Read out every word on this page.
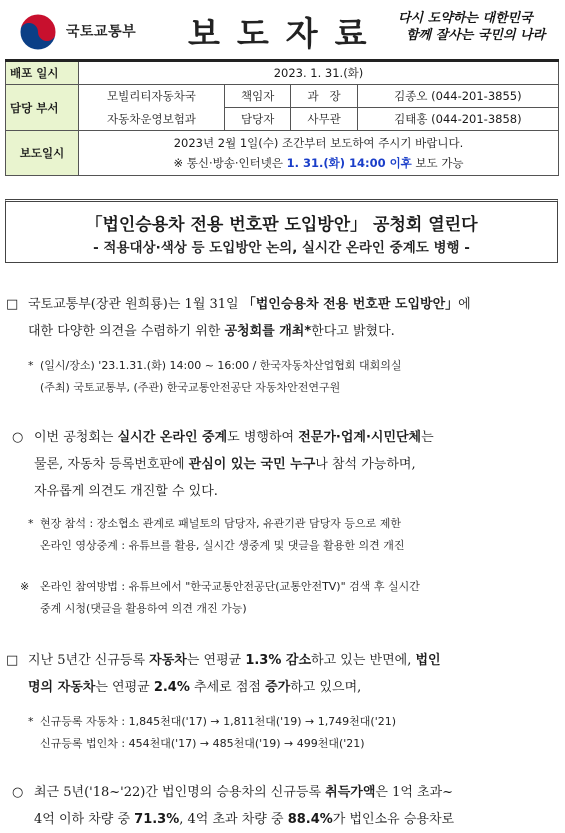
국토교통부 보도자료 다시 도약하는 대한민국
함께 잘사는 국민의 나라
배포 일시	2023. 1. 31.(화)			
담당 부서	모빌리티자동차국	책임자	과   장	김종오 (044-201-3855)
	자동차운영보험과	담당자	사무관	김태홍 (044-201-3858)
보도일시	2023년 2월 1일(수) 조간부터 보도하여 주시기 바랍니다.
※ 통신·방송·인터넷은 1. 31.(화) 14:00 이후 보도 가능			
「법인승용차 전용 번호판 도입방안」 공청회 열린다
- 적용대상·색상 등 도입방안 논의, 실시간 온라인 중계도 병행 -
□ 국토교통부(장관 원희룡)는 1월 31일 「법인승용차 전용 번호판 도입방안」에
대한 다양한 의견을 수렴하기 위한 공청회를 개최*한다고 밝혔다.
* (일시/장소) '23.1.31.(화) 14:00 ~ 16:00 / 한국자동차산업협회 대회의실
(주최) 국토교통부, (주관) 한국교통안전공단 자동차안전연구원
○ 이번 공청회는 실시간 온라인 중계도 병행하여 전문가·업계·시민단체는
물론, 자동차 등록번호판에 관심이 있는 국민 누구나 참석 가능하며,
자유롭게 의견도 개진할 수 있다.
* 현장 참석 : 장소협소 관계로 패널토의 담당자, 유관기관 담당자 등으로 제한
온라인 영상중계 : 유튜브를 활용, 실시간 생중계 및 댓글을 활용한 의견 개진
※ 온라인 참여방법 : 유튜브에서 "한국교통안전공단(교통안전TV)" 검색 후 실시간
중계 시청(댓글을 활용하여 의견 개진 가능)
□ 지난 5년간 신규등록 자동차는 연평균 1.3% 감소하고 있는 반면에, 법인
명의 자동차는 연평균 2.4% 추세로 점점 증가하고 있으며,
* 신규등록 자동차 : 1,845천대('17) → 1,811천대('19) → 1,749천대('21)
신규등록 법인차 : 454천대('17) → 485천대('19) → 499천대('21)
○ 최근 5년('18~'22)간 법인명의 승용차의 신규등록 취득가액은 1억 초과~
4억 이하 차량 중 71.3%, 4억 초과 차량 중 88.4%가 법인소유 승용차로
